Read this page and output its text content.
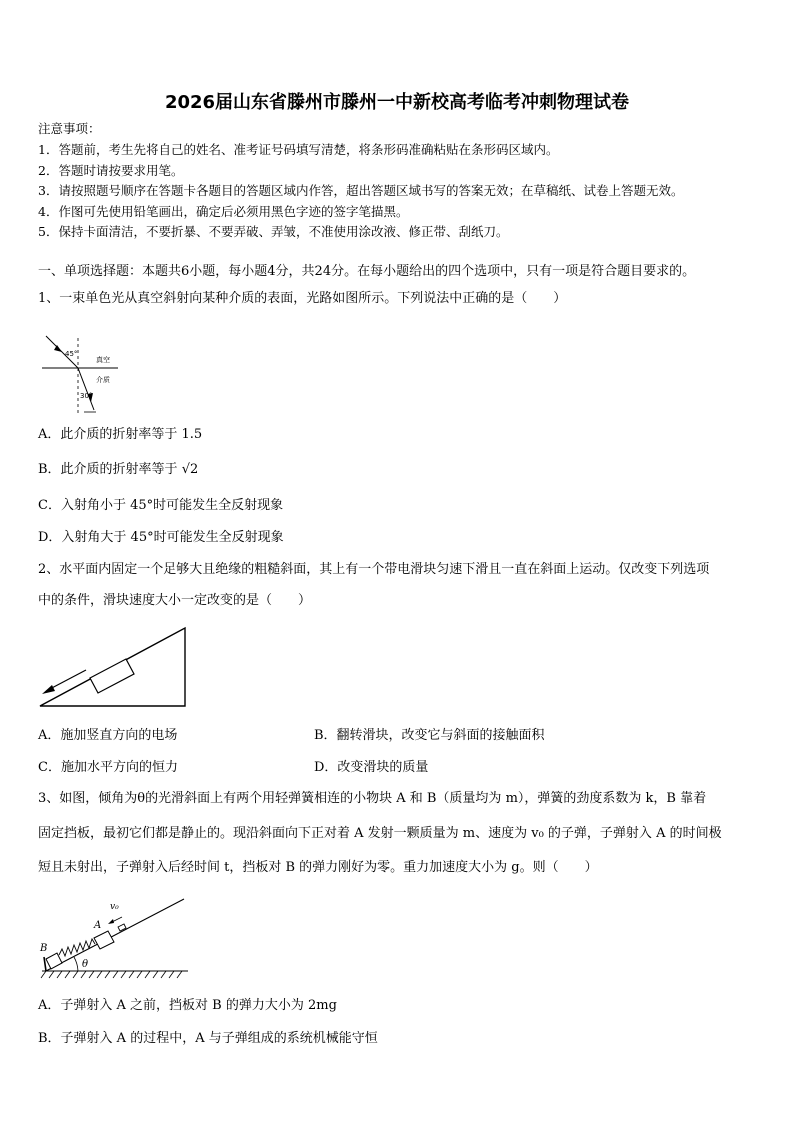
2026届山东省滕州市滕州一中新校高考临考冲刺物理试卷
注意事项：
1．答题前，考生先将自己的姓名、准考证号码填写清楚，将条形码准确粘贴在条形码区域内。
2．答题时请按要求用笔。
3．请按照题号顺序在答题卡各题目的答题区域内作答，超出答题区域书写的答案无效；在草稿纸、试卷上答题无效。
4．作图可先使用铅笔画出，确定后必须用黑色字迹的签字笔描黑。
5．保持卡面清洁，不要折暴、不要弄破、弄皱，不准使用涂改液、修正带、刮纸刀。
一、单项选择题：本题共6小题，每小题4分，共24分。在每小题给出的四个选项中，只有一项是符合题目要求的。
1、一束单色光从真空斜射向某种介质的表面，光路如图所示。下列说法中正确的是（　　）
45°
真空
介质
30°
A．此介质的折射率等于 1.5
B．此介质的折射率等于 √2
C．入射角小于 45°时可能发生全反射现象
D．入射角大于 45°时可能发生全反射现象
2、水平面内固定一个足够大且绝缘的粗糙斜面，其上有一个带电滑块匀速下滑且一直在斜面上运动。仅改变下列选项
中的条件，滑块速度大小一定改变的是（　　）
A．施加竖直方向的电场	B．翻转滑块，改变它与斜面的接触面积
C．施加水平方向的恒力	D．改变滑块的质量
3、如图，倾角为θ的光滑斜面上有两个用轻弹簧相连的小物块 A 和 B（质量均为 m），弹簧的劲度系数为 k，B 靠着
固定挡板，最初它们都是静止的。现沿斜面向下正对着 A 发射一颗质量为 m、速度为 v₀ 的子弹，子弹射入 A 的时间极
短且未射出，子弹射入后经时间 t，挡板对 B 的弹力刚好为零。重力加速度大小为 g。则（　　）
v₀
A
B
θ
A．子弹射入 A 之前，挡板对 B 的弹力大小为 2mg
B．子弹射入 A 的过程中，A 与子弹组成的系统机械能守恒
